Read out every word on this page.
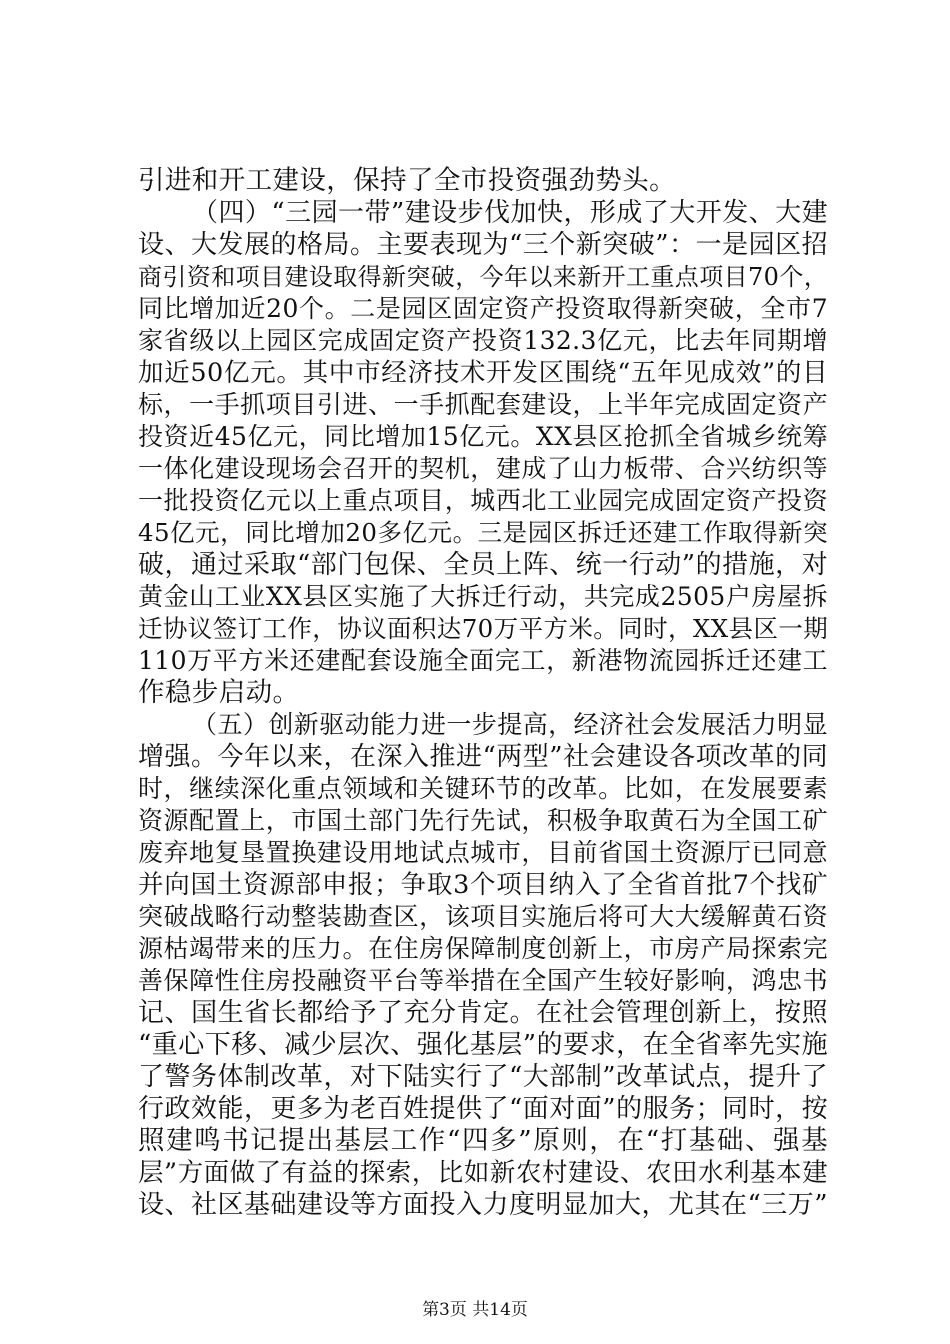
引进和开工建设，保持了全市投资强劲势头。
（四）“三园一带”建设步伐加快，形成了大开发、大建
设、大发展的格局。主要表现为“三个新突破”：一是园区招
商引资和项目建设取得新突破，今年以来新开工重点项目70个，
同比增加近20个。二是园区固定资产投资取得新突破，全市7
家省级以上园区完成固定资产投资132.3亿元，比去年同期增
加近50亿元。其中市经济技术开发区围绕“五年见成效”的目
标，一手抓项目引进、一手抓配套建设，上半年完成固定资产
投资近45亿元，同比增加15亿元。XX县区抢抓全省城乡统筹
一体化建设现场会召开的契机，建成了山力板带、合兴纺织等
一批投资亿元以上重点项目，城西北工业园完成固定资产投资
45亿元，同比增加20多亿元。三是园区拆迁还建工作取得新突
破，通过采取“部门包保、全员上阵、统一行动”的措施，对
黄金山工业XX县区实施了大拆迁行动，共完成2505户房屋拆
迁协议签订工作，协议面积达70万平方米。同时，XX县区一期
110万平方米还建配套设施全面完工，新港物流园拆迁还建工
作稳步启动。
（五）创新驱动能力进一步提高，经济社会发展活力明显
增强。今年以来，在深入推进“两型”社会建设各项改革的同
时，继续深化重点领域和关键环节的改革。比如，在发展要素
资源配置上，市国土部门先行先试，积极争取黄石为全国工矿
废弃地复垦置换建设用地试点城市，目前省国土资源厅已同意
并向国土资源部申报；争取3个项目纳入了全省首批7个找矿
突破战略行动整装勘查区，该项目实施后将可大大缓解黄石资
源枯竭带来的压力。在住房保障制度创新上，市房产局探索完
善保障性住房投融资平台等举措在全国产生较好影响，鸿忠书
记、国生省长都给予了充分肯定。在社会管理创新上，按照
“重心下移、减少层次、强化基层”的要求，在全省率先实施
了警务体制改革，对下陆实行了“大部制”改革试点，提升了
行政效能，更多为老百姓提供了“面对面”的服务；同时，按
照建鸣书记提出基层工作“四多”原则，在“打基础、强基
层”方面做了有益的探索，比如新农村建设、农田水利基本建
设、社区基础建设等方面投入力度明显加大，尤其在“三万”
第3页 共14页
